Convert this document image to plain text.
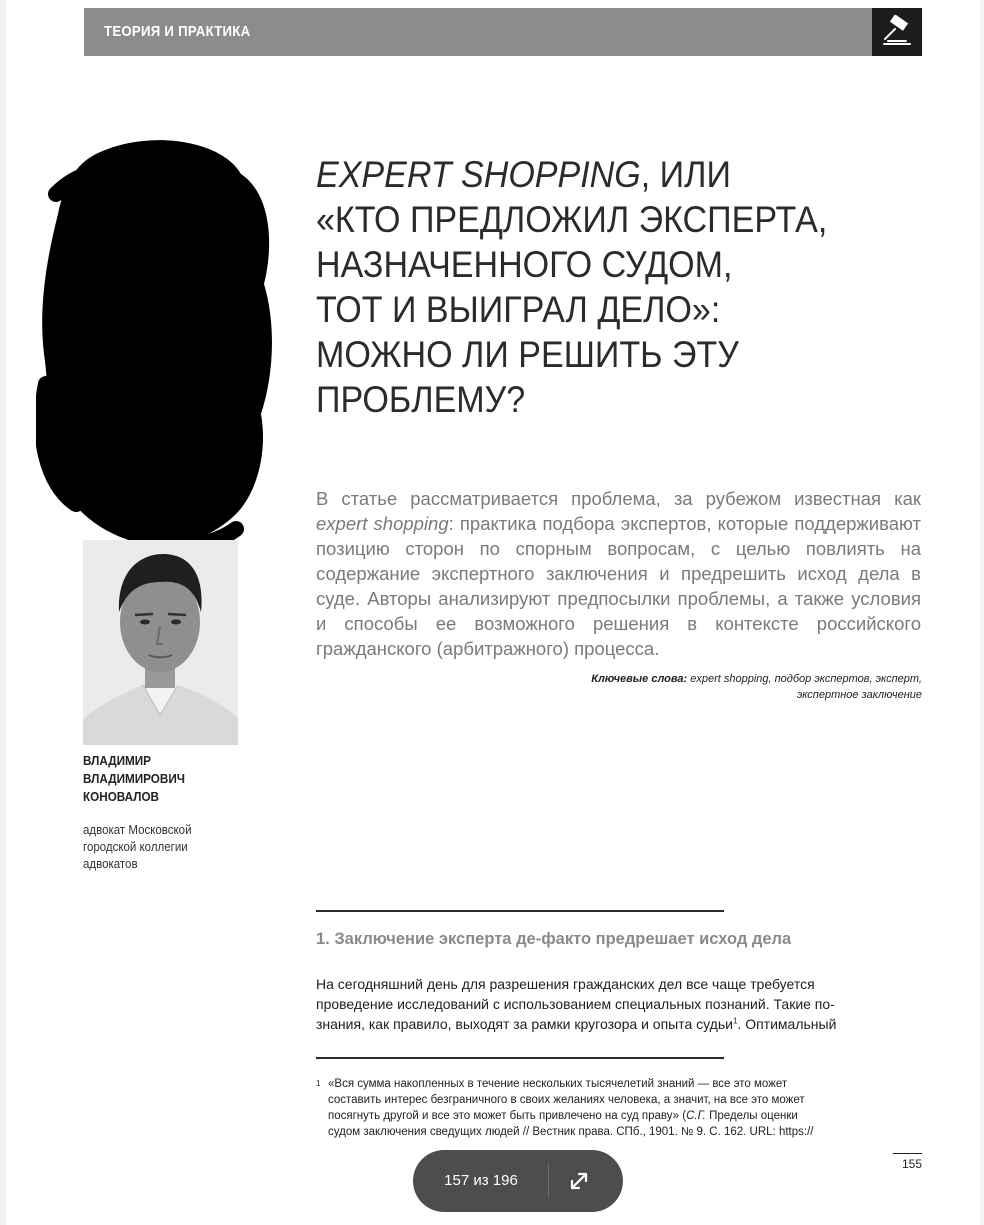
ТЕОРИЯ И ПРАКТИКА
EXPERT SHOPPING, ИЛИ
«КТО ПРЕДЛОЖИЛ ЭКСПЕРТА,
НАЗНАЧЕННОГО СУДОМ,
ТОТ И ВЫИГРАЛ ДЕЛО»:
МОЖНО ЛИ РЕШИТЬ ЭТУ
ПРОБЛЕМУ?
В статье рассматривается проблема, за рубежом известная как expert shopping: практика подбора экспертов, которые поддерживают позицию сторон по спорным вопросам, с целью повлиять на содержание экспертного заключения и предрешить исход дела в суде. Авторы анализируют предпосылки проблемы, а также условия и способы ее возможного решения в контексте российского гражданского (арбитражного) процесса.
Ключевые слова: expert shopping, подбор экспертов, эксперт,
экспертное заключение
ВЛАДИМИР
ВЛАДИМИРОВИЧ
КОНОВАЛОВ
адвокат Московской
городской коллегии
адвокатов
1. Заключение эксперта де-факто предрешает исход дела
На сегодняшний день для разрешения гражданских дел все чаще требуется
проведение исследований с использованием специальных познаний. Такие по-
знания, как правило, выходят за рамки кругозора и опыта судьи$^1$. Оптимальный
1 «Вся сумма накопленных в течение нескольких тысячелетий знаний — все это может
составить интерес безграничного в своих желаниях человека, а значит, на все это может
посягнуть другой и все это может быть привлечено на суд праву» (С.Г. Пределы оценки
судом заключения сведущих людей // Вестник права. СПб., 1901. № 9. С. 162. URL: https://
155
157 из 196
